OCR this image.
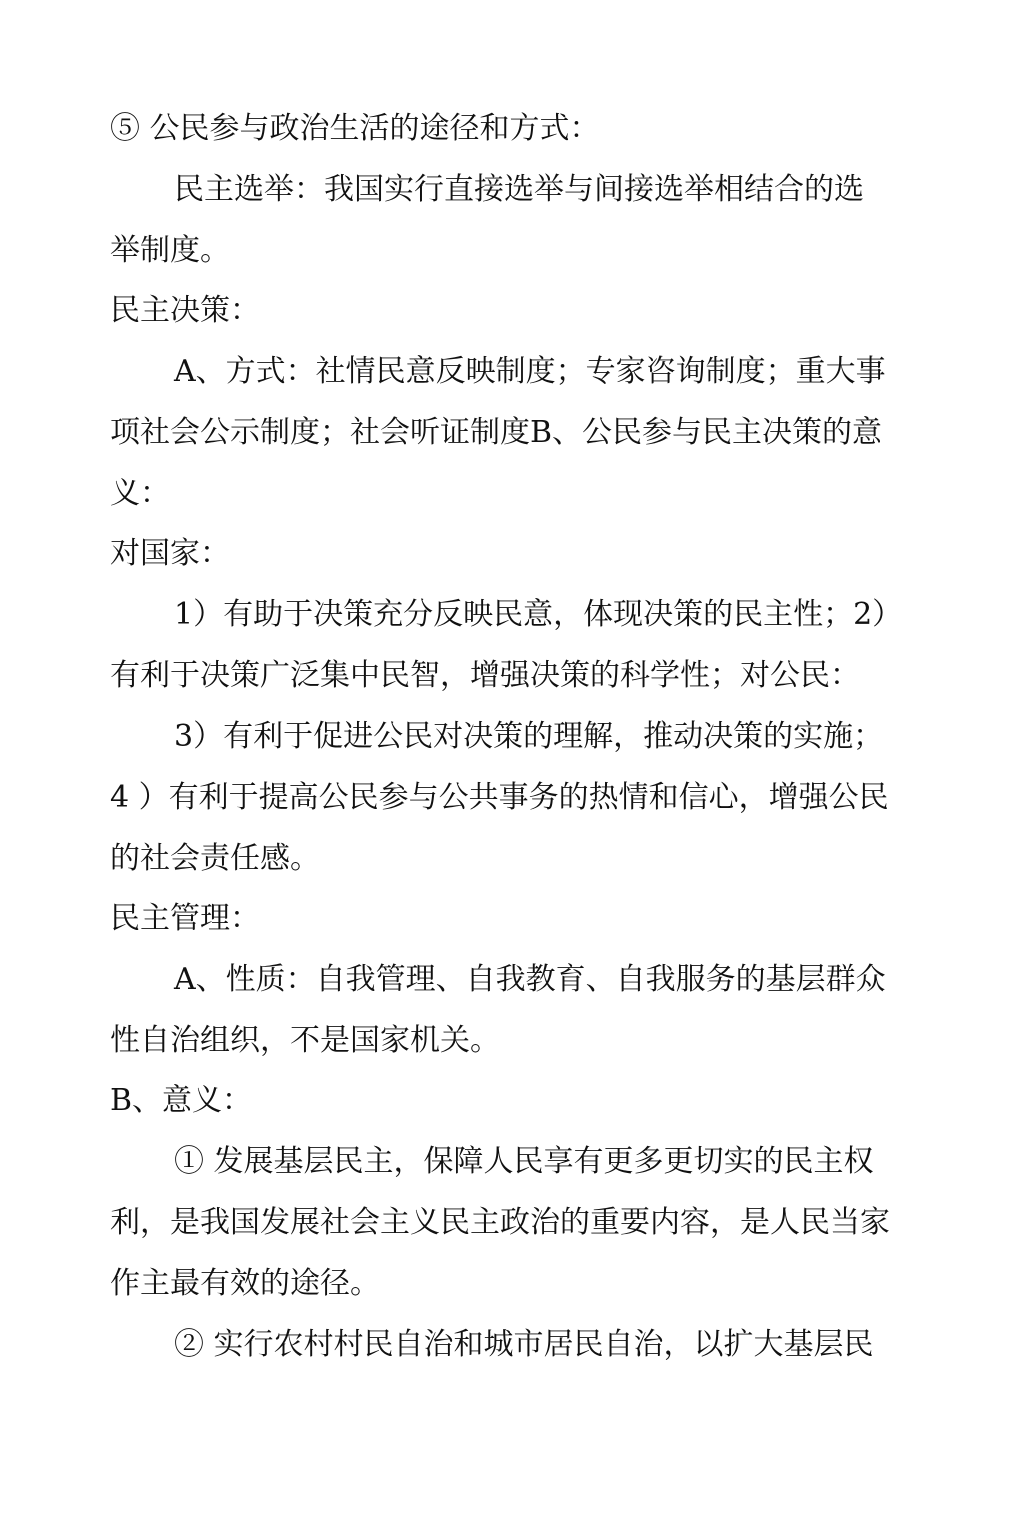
⑤ 公民参与政治生活的途径和方式：

民主选举：我国实行直接选举与间接选举相结合的选举制度。

民主决策：

A、方式：社情民意反映制度；专家咨询制度；重大事项社会公示制度；社会听证制度B、公民参与民主决策的意义：

对国家：

1）有助于决策充分反映民意，体现决策的民主性；2）有利于决策广泛集中民智，增强决策的科学性；对公民：

3）有利于促进公民对决策的理解，推动决策的实施；4 ）有利于提高公民参与公共事务的热情和信心，增强公民的社会责任感。

民主管理：

A、性质：自我管理、自我教育、自我服务的基层群众性自治组织，不是国家机关。

B、意义：

① 发展基层民主，保障人民享有更多更切实的民主权利，是我国发展社会主义民主政治的重要内容，是人民当家作主最有效的途径。

② 实行农村村民自治和城市居民自治，以扩大基层民
